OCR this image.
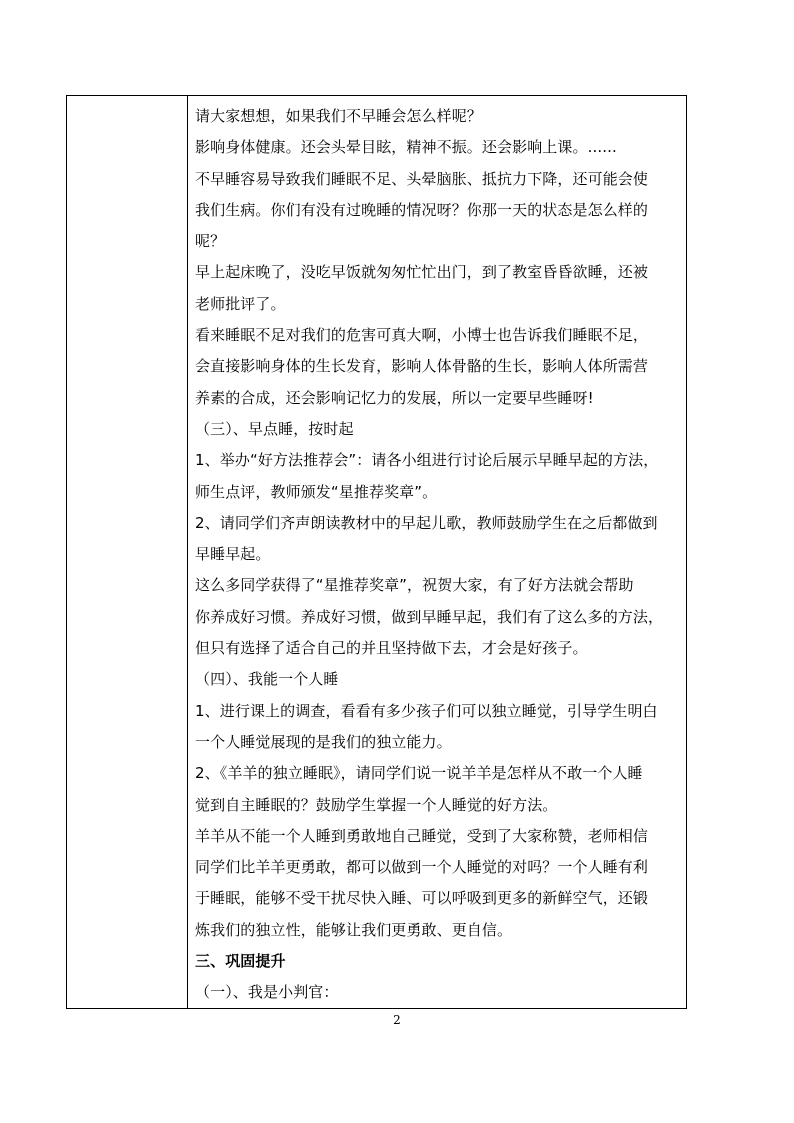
请大家想想，如果我们不早睡会怎么样呢？
影响身体健康。还会头晕目眩，精神不振。还会影响上课。......
不早睡容易导致我们睡眠不足、头晕脑胀、抵抗力下降，还可能会使
我们生病。你们有没有过晚睡的情况呀？你那一天的状态是怎么样的
呢？
早上起床晚了，没吃早饭就匆匆忙忙出门，到了教室昏昏欲睡，还被
老师批评了。
看来睡眠不足对我们的危害可真大啊，小博士也告诉我们睡眠不足，
会直接影响身体的生长发育，影响人体骨骼的生长，影响人体所需营
养素的合成，还会影响记忆力的发展，所以一定要早些睡呀!
（三）、早点睡，按时起
1、举办“好方法推荐会”：请各小组进行讨论后展示早睡早起的方法，
师生点评，教师颁发“星推荐奖章”。
2、请同学们齐声朗读教材中的早起儿歌，教师鼓励学生在之后都做到
早睡早起。
这么多同学获得了“星推荐奖章”，祝贺大家，有了好方法就会帮助
你养成好习惯。养成好习惯，做到早睡早起，我们有了这么多的方法，
但只有选择了适合自己的并且坚持做下去，才会是好孩子。
（四）、我能一个人睡
1、进行课上的调查，看看有多少孩子们可以独立睡觉，引导学生明白
一个人睡觉展现的是我们的独立能力。
2、《羊羊的独立睡眠》，请同学们说一说羊羊是怎样从不敢一个人睡
觉到自主睡眠的？鼓励学生掌握一个人睡觉的好方法。
羊羊从不能一个人睡到勇敢地自己睡觉，受到了大家称赞，老师相信
同学们比羊羊更勇敢，都可以做到一个人睡觉的对吗？一个人睡有利
于睡眠，能够不受干扰尽快入睡、可以呼吸到更多的新鲜空气，还锻
炼我们的独立性，能够让我们更勇敢、更自信。
三、巩固提升
（一）、我是小判官：
2
